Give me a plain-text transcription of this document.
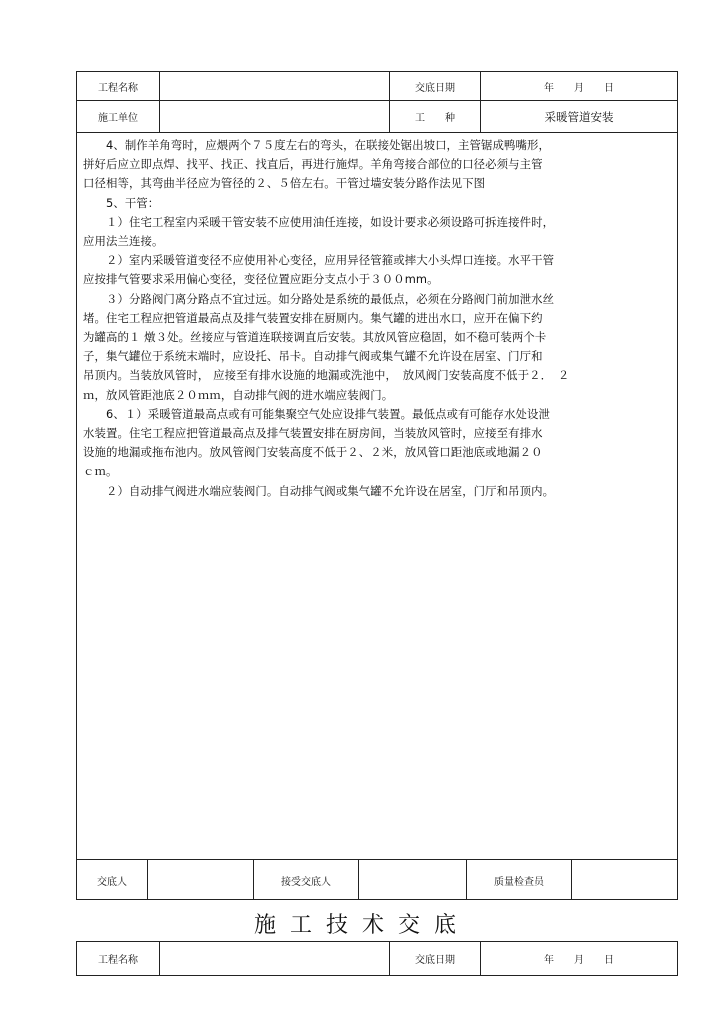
工程名称	交底日期	年　　月　　日
施工单位	工　　种	采暖管道安装

　　4、制作羊角弯时，应煨两个７５度左右的弯头，在联接处锯出坡口，主管锯成鸭嘴形，

拼好后应立即点焊、找平、找正、找直后，再进行施焊。羊角弯接合部位的口径必须与主管

口径相等，其弯曲半径应为管径的２、５倍左右。干管过墙安装分路作法见下图

　　5、干管：

　　１）住宅工程室内采暖干管安装不应使用油任连接，如设计要求必须设路可拆连接件时，

应用法兰连接。

　　２）室内采暖管道变径不应使用补心变径，应用异径管箍或摔大小头焊口连接。水平干管

应按排气管要求采用偏心变径，变径位置应距分支点小于３００mm。

　　３）分路阀门离分路点不宜过远。如分路处是系统的最低点，必须在分路阀门前加泄水丝

堵。住宅工程应把管道最高点及排气装置安排在厨厕内。集气罐的进出水口，应开在偏下约

为罐高的１ 燉３处。丝接应与管道连联接调直后安装。其放风管应稳固，如不稳可装两个卡

子，集气罐位于系统末端时，应设托、吊卡。自动排气阀或集气罐不允许设在居室、门厅和

吊顶内。当装放风管时， 应接至有排水设施的地漏或洗池中，　放风阀门安装高度不低于２．　２

ｍ，放风管距池底２０ｍｍ，自动排气阀的进水端应装阀门。

　　6、１）采暖管道最高点或有可能集聚空气处应设排气装置。最低点或有可能存水处设泄

水装置。住宅工程应把管道最高点及排气装置安排在厨房间，当装放风管时，应接至有排水

设施的地漏或拖布池内。放风管阀门安装高度不低于２、２米，放风管口距池底或地漏２０

ｃｍ。

　　２）自动排气阀进水端应装阀门。自动排气阀或集气罐不允许设在居室，门厅和吊顶内。

交底人	接受交底人	质量检查员
施工技术交底
工程名称	交底日期	年　　月　　日
